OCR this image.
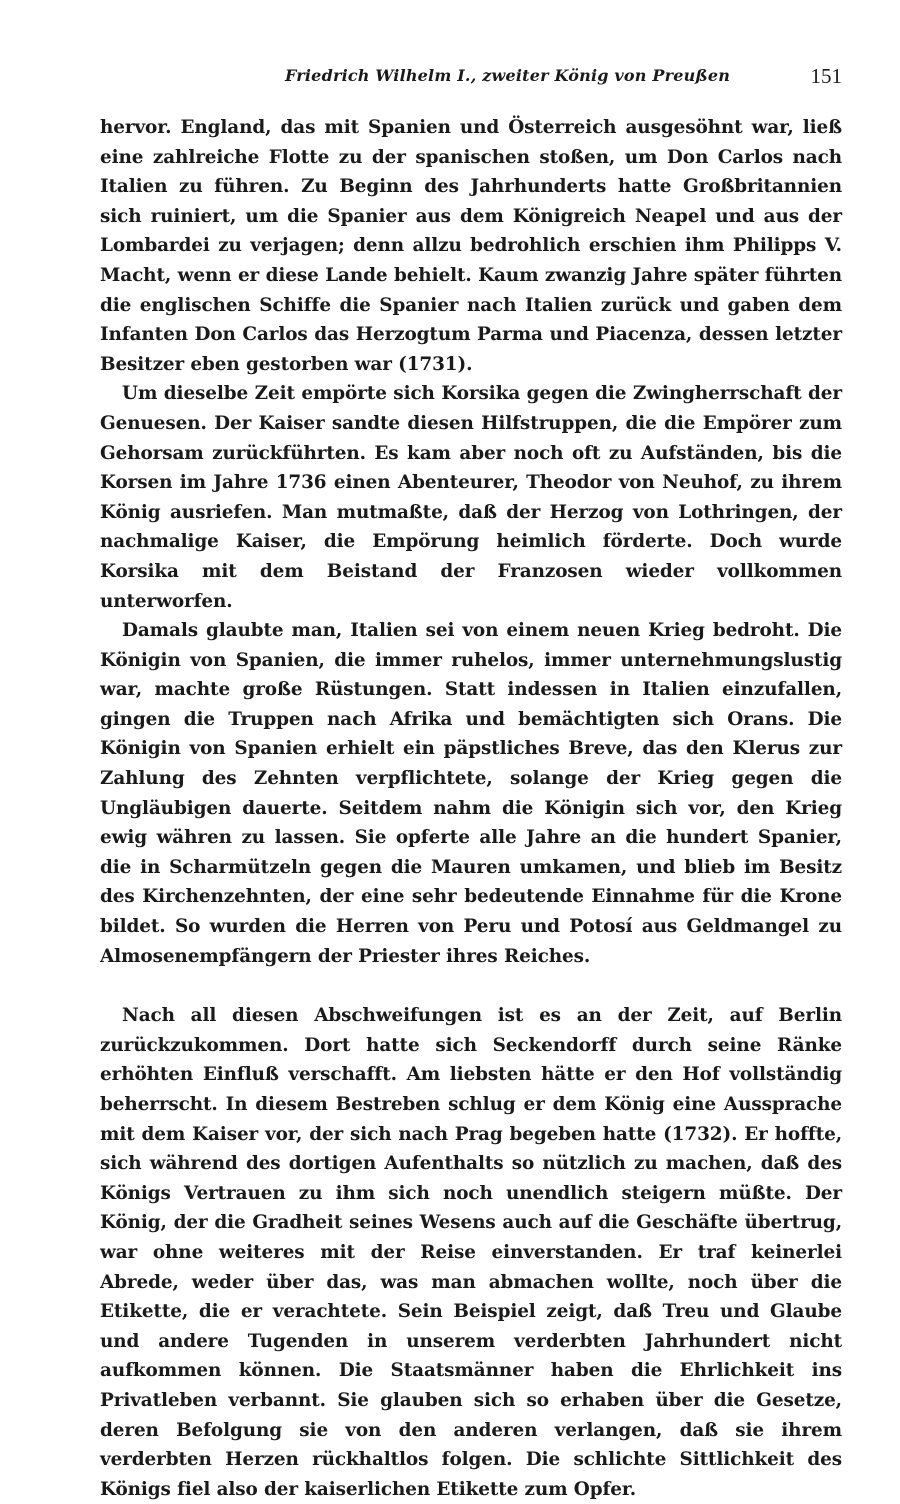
Friedrich Wilhelm I., zweiter König von Preußen	151

hervor. England, das mit Spanien und Österreich ausgesöhnt war, ließ eine zahlreiche Flotte zu der spanischen stoßen, um Don Carlos nach Italien zu führen. Zu Beginn des Jahrhunderts hatte Großbritannien sich ruiniert, um die Spanier aus dem Königreich Neapel und aus der Lombardei zu verjagen; denn allzu bedrohlich erschien ihm Philipps V. Macht, wenn er diese Lande behielt. Kaum zwanzig Jahre später führten die englischen Schiffe die Spanier nach Italien zurück und gaben dem Infanten Don Carlos das Herzogtum Parma und Piacenza, dessen letzter Besitzer eben gestorben war (1731).

Um dieselbe Zeit empörte sich Korsika gegen die Zwingherrschaft der Genuesen. Der Kaiser sandte diesen Hilfstruppen, die die Empörer zum Gehorsam zurückführten. Es kam aber noch oft zu Aufständen, bis die Korsen im Jahre 1736 einen Abenteurer, Theodor von Neuhof, zu ihrem König ausriefen. Man mutmaßte, daß der Herzog von Lothringen, der nachmalige Kaiser, die Empörung heimlich förderte. Doch wurde Korsika mit dem Beistand der Franzosen wieder vollkommen unterworfen.

Damals glaubte man, Italien sei von einem neuen Krieg bedroht. Die Königin von Spanien, die immer ruhelos, immer unternehmungslustig war, machte große Rüstungen. Statt indessen in Italien einzufallen, gingen die Truppen nach Afrika und bemächtigten sich Orans. Die Königin von Spanien erhielt ein päpstliches Breve, das den Klerus zur Zahlung des Zehnten verpflichtete, solange der Krieg gegen die Ungläubigen dauerte. Seitdem nahm die Königin sich vor, den Krieg ewig währen zu lassen. Sie opferte alle Jahre an die hundert Spanier, die in Scharmützeln gegen die Mauren umkamen, und blieb im Besitz des Kirchenzehnten, der eine sehr bedeutende Einnahme für die Krone bildet. So wurden die Herren von Peru und Potosí aus Geldmangel zu Almosenempfängern der Priester ihres Reiches.

Nach all diesen Abschweifungen ist es an der Zeit, auf Berlin zurückzukommen. Dort hatte sich Seckendorff durch seine Ränke erhöhten Einfluß verschafft. Am liebsten hätte er den Hof vollständig beherrscht. In diesem Bestreben schlug er dem König eine Aussprache mit dem Kaiser vor, der sich nach Prag begeben hatte (1732). Er hoffte, sich während des dortigen Aufenthalts so nützlich zu machen, daß des Königs Vertrauen zu ihm sich noch unendlich steigern müßte. Der König, der die Gradheit seines Wesens auch auf die Geschäfte übertrug, war ohne weiteres mit der Reise einverstanden. Er traf keinerlei Abrede, weder über das, was man abmachen wollte, noch über die Etikette, die er verachtete. Sein Beispiel zeigt, daß Treu und Glaube und andere Tugenden in unserem verderbten Jahrhundert nicht aufkommen können. Die Staatsmänner haben die Ehrlichkeit ins Privatleben verbannt. Sie glauben sich so erhaben über die Gesetze, deren Befolgung sie von den anderen verlangen, daß sie ihrem verderbten Herzen rückhaltlos folgen. Die schlichte Sittlichkeit des Königs fiel also der kaiserlichen Etikette zum Opfer.
